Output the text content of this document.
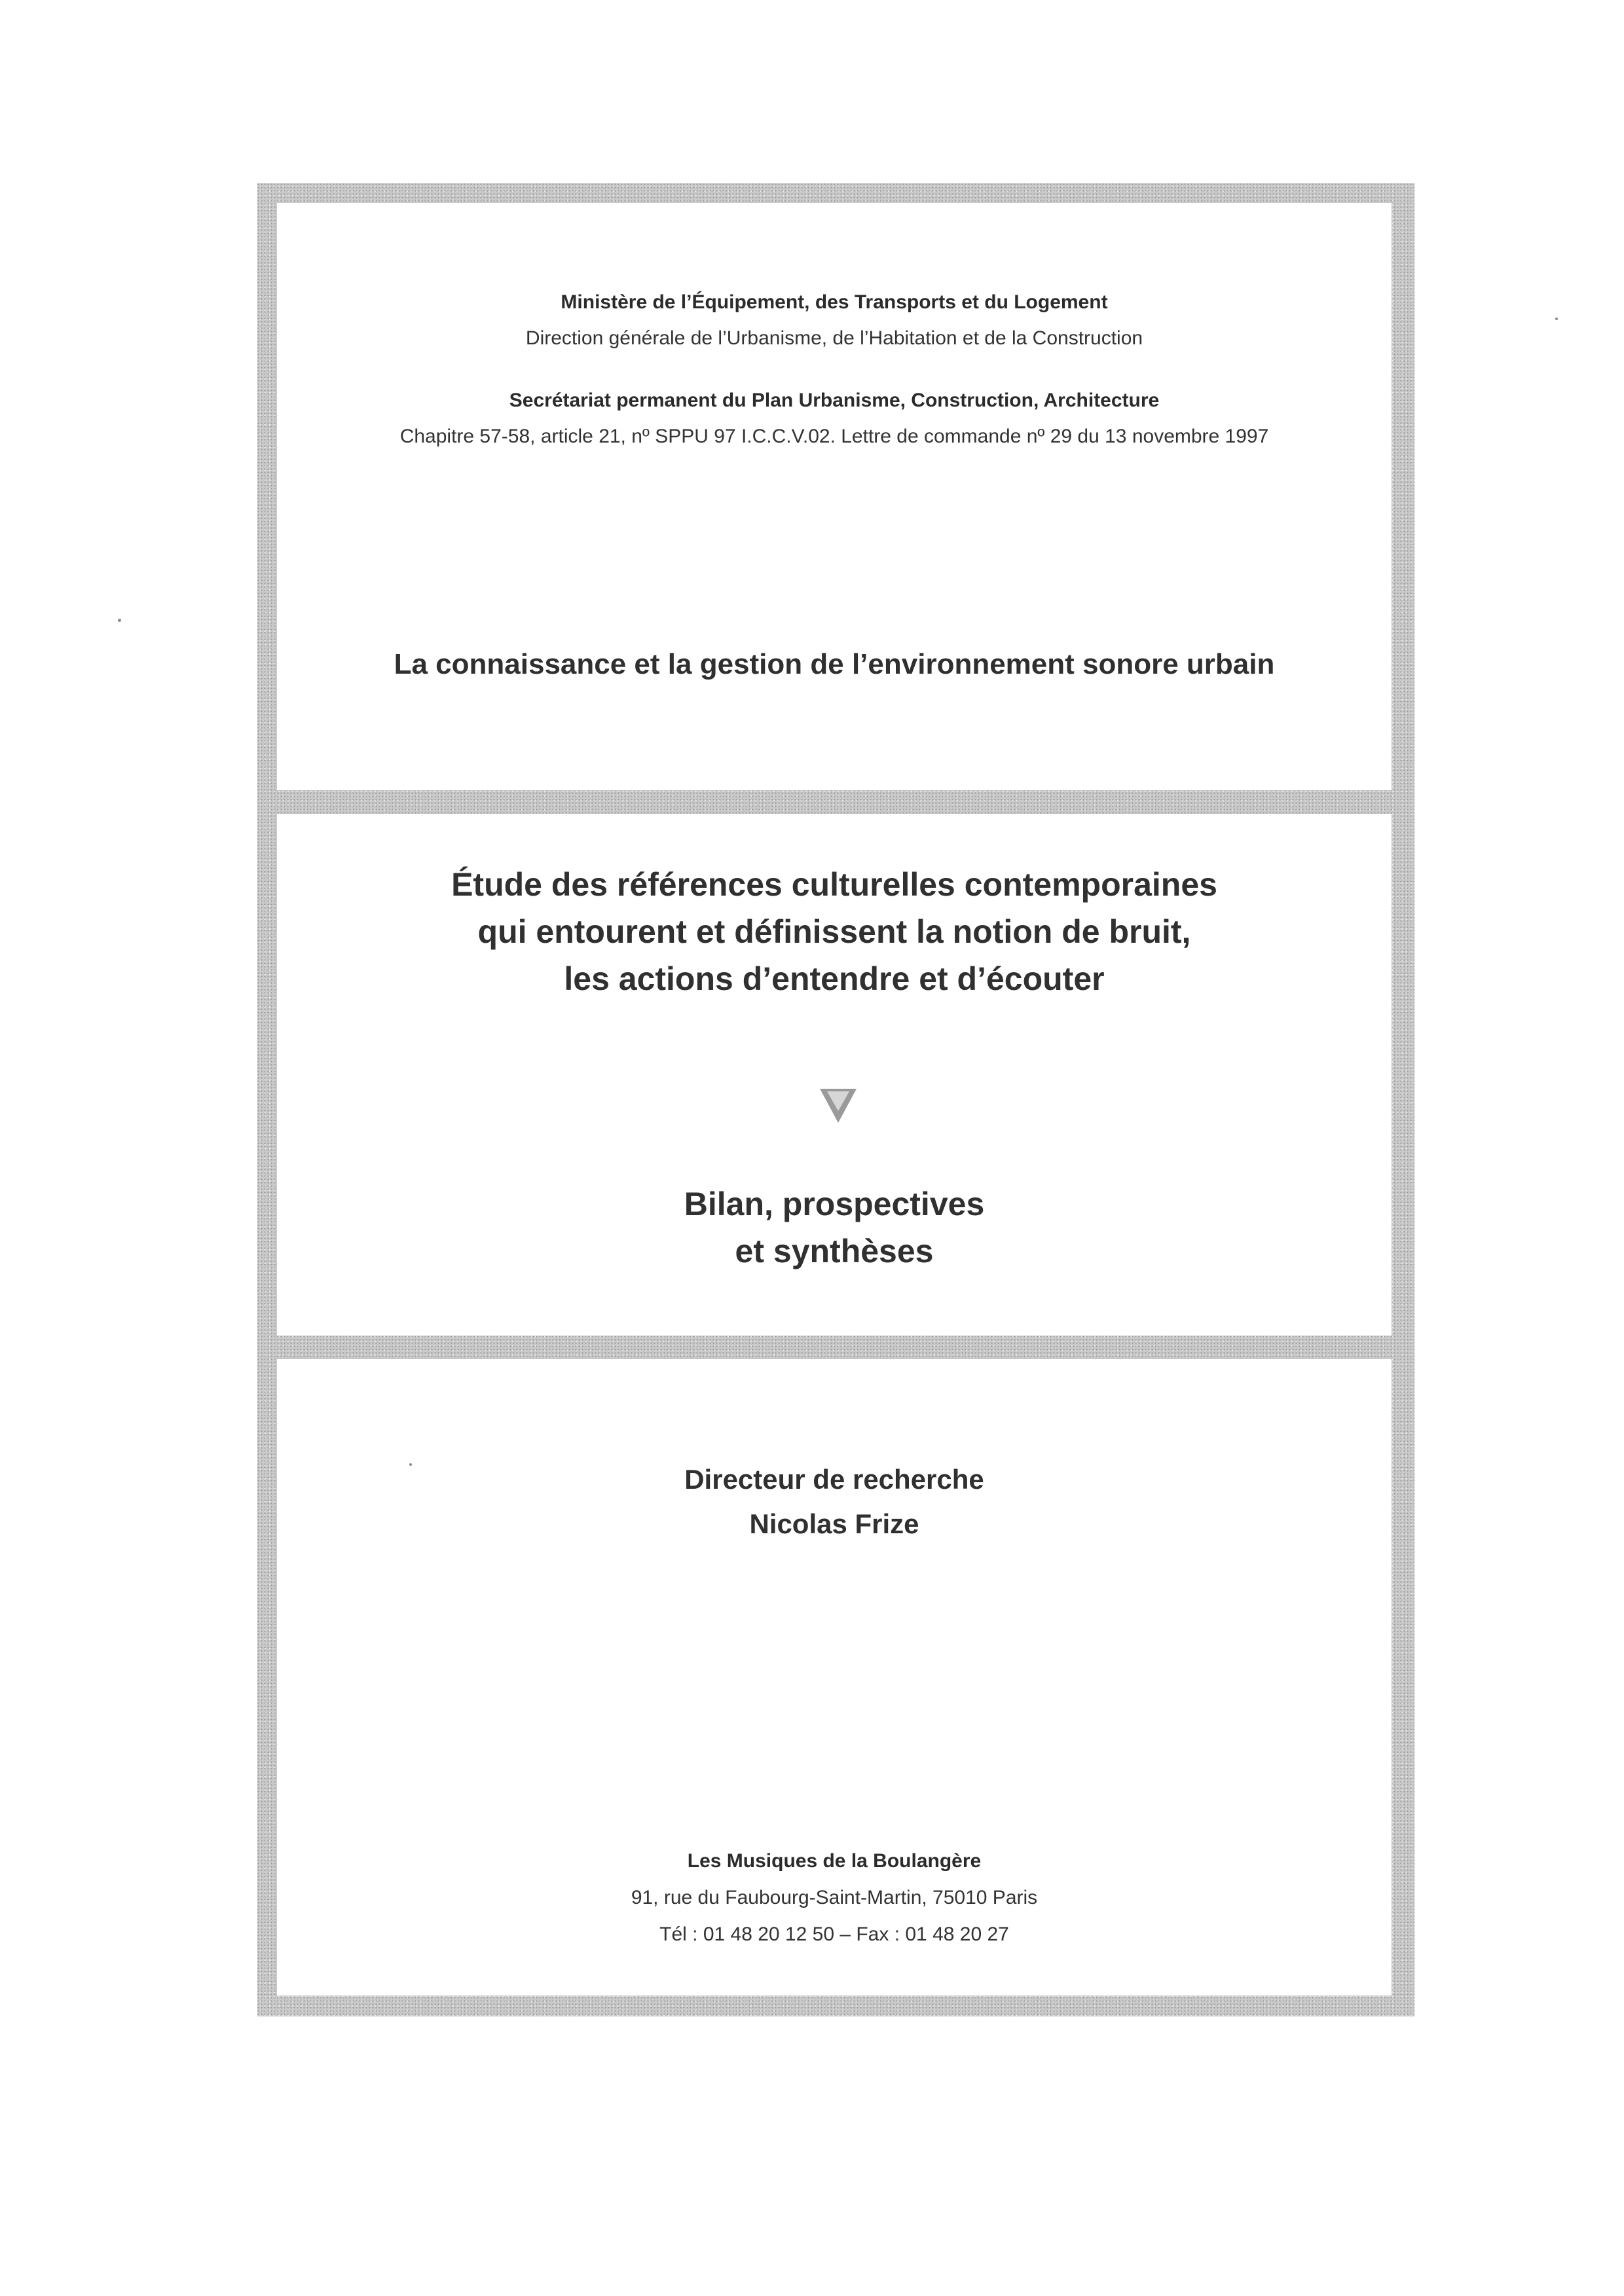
Ministère de l’Équipement, des Transports et du Logement

Direction générale de l’Urbanisme, de l’Habitation et de la Construction

Secrétariat permanent du Plan Urbanisme, Construction, Architecture

Chapitre 57-58, article 21, nº SPPU 97 I.C.C.V.02. Lettre de commande nº 29 du 13 novembre 1997

La connaissance et la gestion de l’environnement sonore urbain

Étude des références culturelles contemporaines
qui entourent et définissent la notion de bruit,
les actions d’entendre et d’écouter
Bilan, prospectives
et synthèses

Directeur de recherche

Nicolas Frize

Les Musiques de la Boulangère

91, rue du Faubourg-Saint-Martin, 75010 Paris

Tél : 01 48 20 12 50 – Fax : 01 48 20 27
